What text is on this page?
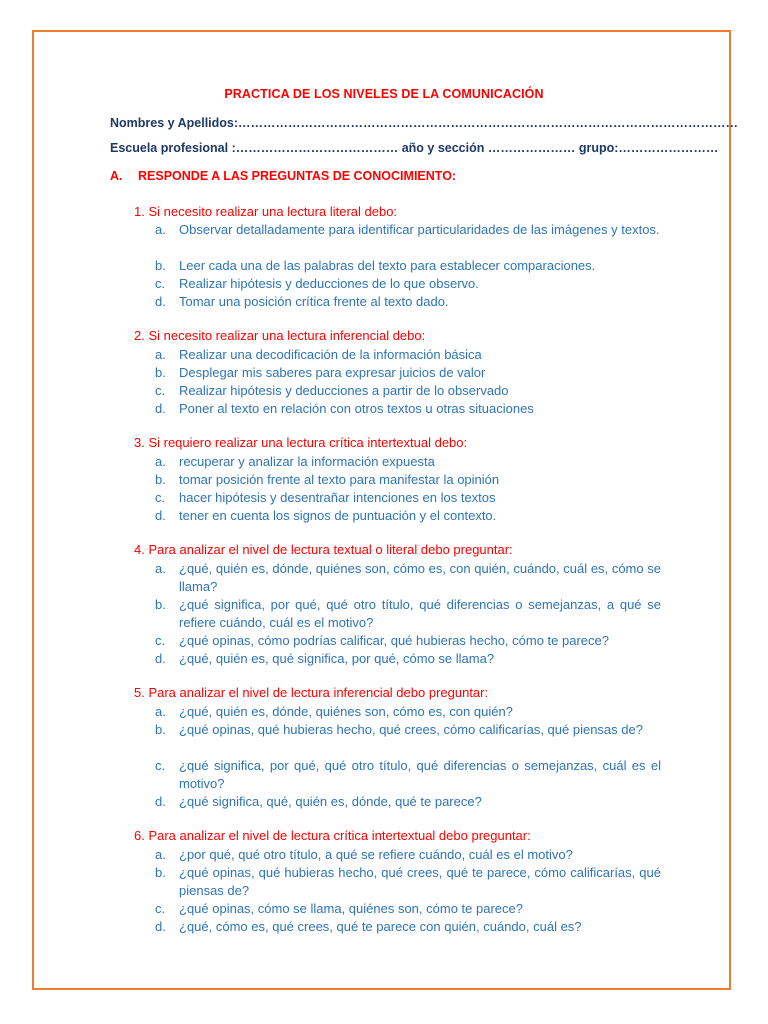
PRACTICA DE LOS NIVELES DE LA COMUNICACIÓN
Nombres y Apellidos:…………………………………………………………………………………………………………
Escuela profesional :………………………………… año y sección ………………… grupo:……………………
A. RESPONDE A LAS PREGUNTAS DE CONOCIMIENTO:
1. Si necesito realizar una lectura literal debo:
a.	Observar detalladamente para identificar particularidades de las imágenes y textos.
b.	Leer cada una de las palabras del texto para establecer comparaciones.
c.	Realizar hipótesis y deducciones de lo que observo.
d.	Tomar una posición crítica frente al texto dado.
2. Si necesito realizar una lectura inferencial debo:
a.	Realizar una decodificación de la información básica
b.	Desplegar mis saberes para expresar juicios de valor
c.	Realizar hipótesis y deducciones a partir de lo observado
d.	Poner al texto en relación con otros textos u otras situaciones
3. Si requiero realizar una lectura crítica intertextual debo:
a.	recuperar y analizar la información expuesta
b.	tomar posición frente al texto para manifestar la opinión
c.	hacer hipótesis y desentrañar intenciones en los textos
d.	tener en cuenta los signos de puntuación y el contexto.
4. Para analizar el nivel de lectura textual o literal debo preguntar:
a.	¿qué, quién es, dónde, quiénes son, cómo es, con quién, cuándo, cuál es, cómo se llama?
b.	¿qué significa, por qué, qué otro título, qué diferencias o semejanzas, a qué se refiere cuándo, cuál es el motivo?
c.	¿qué opinas, cómo podrías calificar, qué hubieras hecho, cómo te parece?
d.	¿qué, quién es, qué significa, por qué, cómo se llama?
5. Para analizar el nivel de lectura inferencial debo preguntar:
a.	¿qué, quién es, dónde, quiénes son, cómo es, con quién?
b.	¿qué opinas, qué hubieras hecho, qué crees, cómo calificarías, qué piensas de?
c.	¿qué significa, por qué, qué otro título, qué diferencias o semejanzas, cuál es el motivo?
d.	¿qué significa, qué, quién es, dónde, qué te parece?
6. Para analizar el nivel de lectura crítica intertextual debo preguntar:
a.	¿por qué, qué otro título, a qué se refiere cuándo, cuál es el motivo?
b.	¿qué opinas, qué hubieras hecho, qué crees, qué te parece, cómo calificarías, qué piensas de?
c.	¿qué opinas, cómo se llama, quiénes son, cómo te parece?
d.	¿qué, cómo es, qué crees, qué te parece con quién, cuándo, cuál es?
